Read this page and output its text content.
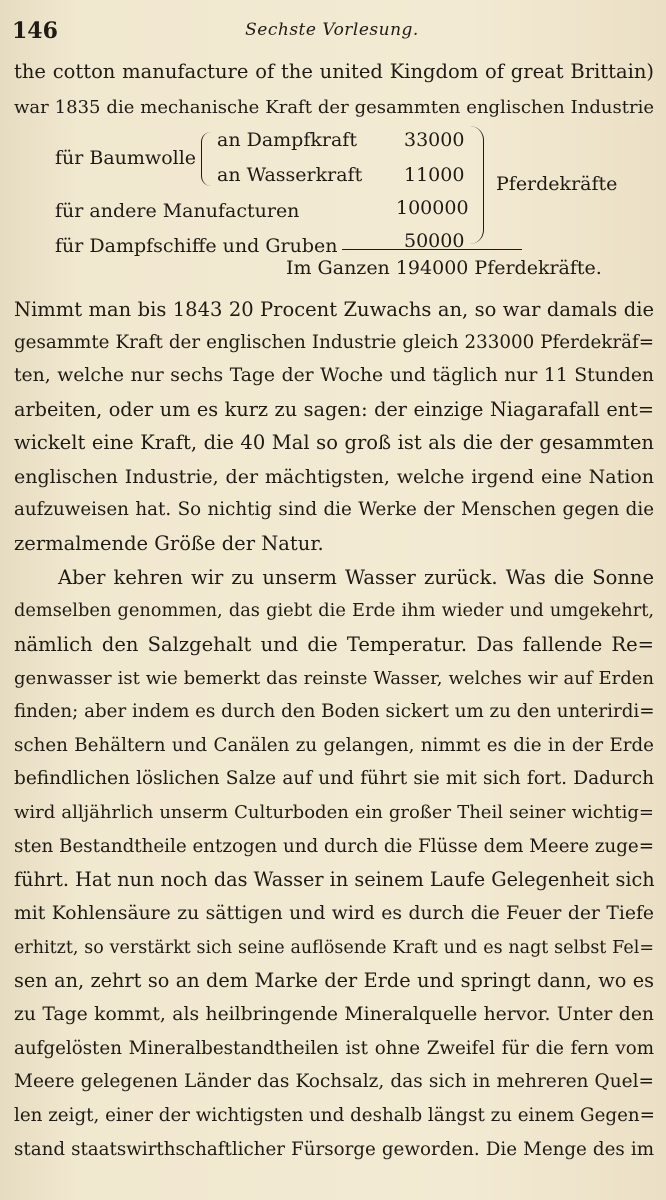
146	Sechste Vorlesung.
the cotton manufacture of the united Kingdom of great Brittain)
war 1835 die mechanische Kraft der gesammten englischen Industrie
für Baumwolle
an Dampfkraft 33000
an Wasserkraft 11000
für andere Manufacturen	100000
für Dampfschiffe und Gruben	50000
Pferdekräfte
Im Ganzen 194000 Pferdekräfte.
Nimmt man bis 1843 20 Procent Zuwachs an, so war damals die
gesammte Kraft der englischen Industrie gleich 233000 Pferdekräf=
ten, welche nur sechs Tage der Woche und täglich nur 11 Stunden
arbeiten, oder um es kurz zu sagen: der einzige Niagarafall ent=
wickelt eine Kraft, die 40 Mal so groß ist als die der gesammten
englischen Industrie, der mächtigsten, welche irgend eine Nation
aufzuweisen hat. So nichtig sind die Werke der Menschen gegen die
zermalmende Größe der Natur.
Aber kehren wir zu unserm Wasser zurück. Was die Sonne
demselben genommen, das giebt die Erde ihm wieder und umgekehrt,
nämlich den Salzgehalt und die Temperatur. Das fallende Re=
genwasser ist wie bemerkt das reinste Wasser, welches wir auf Erden
finden; aber indem es durch den Boden sickert um zu den unterirdi=
schen Behältern und Canälen zu gelangen, nimmt es die in der Erde
befindlichen löslichen Salze auf und führt sie mit sich fort. Dadurch
wird alljährlich unserm Culturboden ein großer Theil seiner wichtig=
sten Bestandtheile entzogen und durch die Flüsse dem Meere zuge=
führt. Hat nun noch das Wasser in seinem Laufe Gelegenheit sich
mit Kohlensäure zu sättigen und wird es durch die Feuer der Tiefe
erhitzt, so verstärkt sich seine auflösende Kraft und es nagt selbst Fel=
sen an, zehrt so an dem Marke der Erde und springt dann, wo es
zu Tage kommt, als heilbringende Mineralquelle hervor. Unter den
aufgelösten Mineralbestandtheilen ist ohne Zweifel für die fern vom
Meere gelegenen Länder das Kochsalz, das sich in mehreren Quel=
len zeigt, einer der wichtigsten und deshalb längst zu einem Gegen=
stand staatswirthschaftlicher Fürsorge geworden. Die Menge des im
